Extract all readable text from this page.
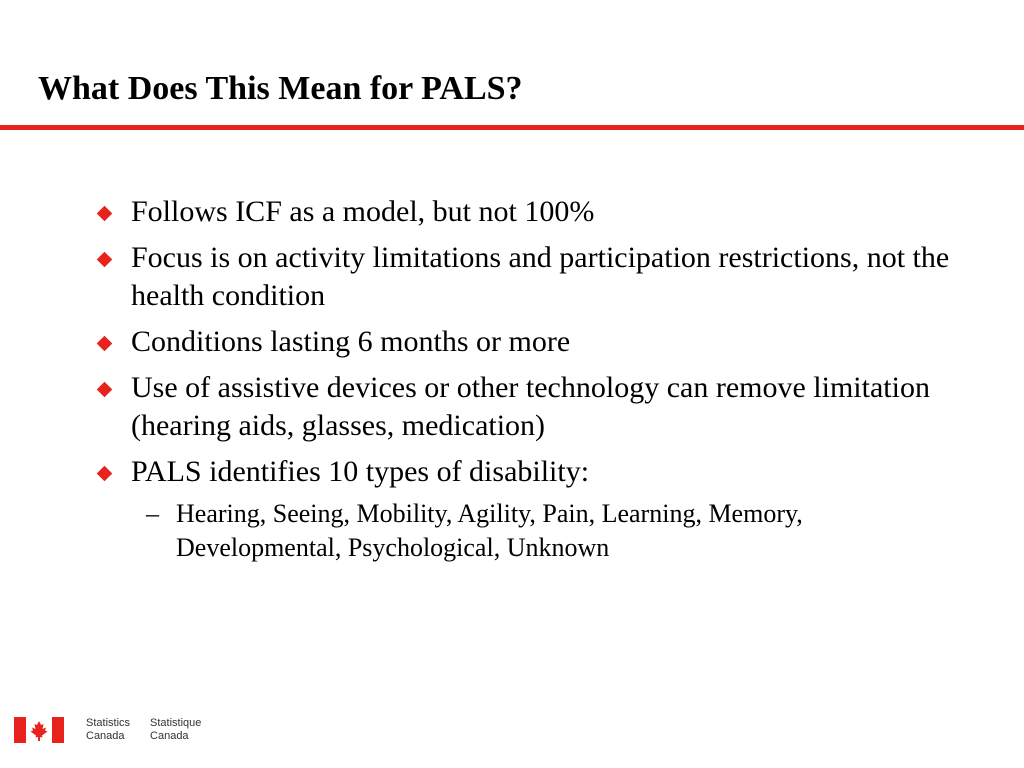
What Does This Mean for PALS?
Follows ICF as a model, but not 100%
Focus is on activity limitations and participation restrictions, not the health condition
Conditions lasting 6 months or more
Use of assistive devices or other technology can remove limitation (hearing aids, glasses, medication)
PALS identifies 10 types of disability:
– Hearing, Seeing, Mobility, Agility, Pain, Learning, Memory, Developmental, Psychological, Unknown
Statistics
Canada
Statistique
Canada
